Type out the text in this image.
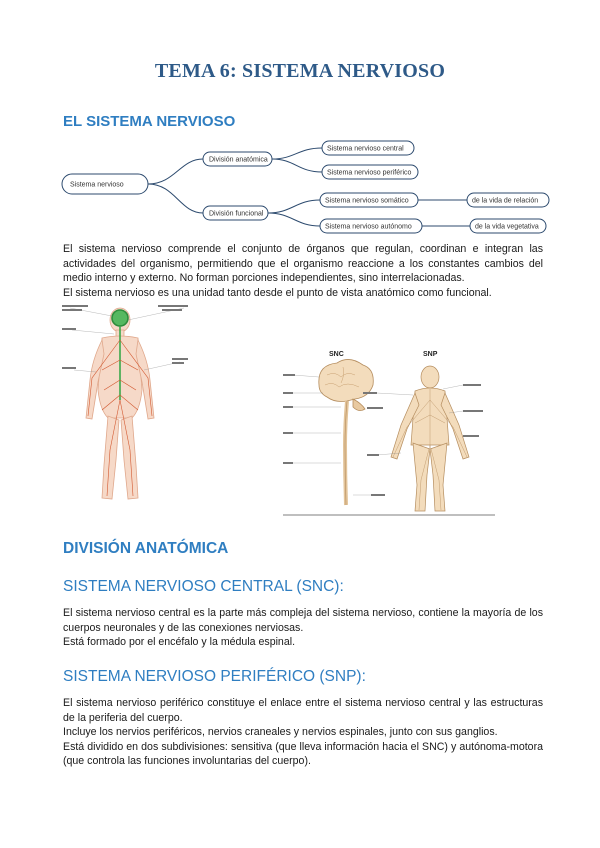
TEMA 6: SISTEMA NERVIOSO
EL SISTEMA NERVIOSO
Sistema nervioso
División anatómica
Sistema nervioso central
Sistema nervioso periférico
División funcional
Sistema nervioso somático	de la vida de relación
Sistema nervioso autónomo	de la vida vegetativa

El sistema nervioso comprende el conjunto de órganos que regulan, coordinan e integran las actividades del organismo, permitiendo que el organismo reaccione a los constantes cambios del medio interno y externo. No forman porciones independientes, sino interrelacionadas.

El sistema nervioso es una unidad tanto desde el punto de vista anatómico como funcional.

SNC	SNP
DIVISIÓN ANATÓMICA
SISTEMA NERVIOSO CENTRAL (SNC):

El sistema nervioso central es la parte más compleja del sistema nervioso, contiene la mayoría de los cuerpos neuronales y de las conexiones nerviosas.

Está formado por el encéfalo y la médula espinal.

SISTEMA NERVIOSO PERIFÉRICO (SNP):

El sistema nervioso periférico constituye el enlace entre el sistema nervioso central y las estructuras de la periferia del cuerpo.

Incluye los nervios periféricos, nervios craneales y nervios espinales, junto con sus ganglios.

Está dividido en dos subdivisiones: sensitiva (que lleva información hacia el SNC) y autónoma-motora (que controla las funciones involuntarias del cuerpo).
